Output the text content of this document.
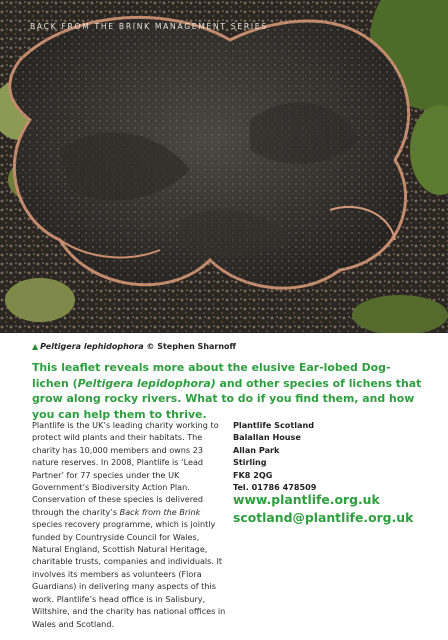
BACK FROM THE BRINK MANAGEMENT SERIES
▲ Peltigera lephidophora © Stephen Sharnoff
This leaflet reveals more about the elusive Ear-lobed Dog-lichen (Peltigera lepidophora) and other species of lichens that grow along rocky rivers. What to do if you find them, and how you can help them to thrive.
Plantlife is the UK’s leading charity working to protect wild plants and their habitats. The charity has 10,000 members and owns 23 nature reserves. In 2008, Plantlife is ‘Lead Partner’ for 77 species under the UK Government’s Biodiversity Action Plan. Conservation of these species is delivered through the charity’s Back from the Brink species recovery programme, which is jointly funded by Countryside Council for Wales, Natural England, Scottish Natural Heritage, charitable trusts, companies and individuals. It involves its members as volunteers (Flora Guardians) in delivering many aspects of this work. Plantlife’s head office is in Salisbury, Wiltshire, and the charity has national offices in Wales and Scotland.
Plantlife Scotland
Balallan House
Allan Park
Stirling
FK8 2QG
Tel. 01786 478509
www.plantlife.org.uk
scotland@plantlife.org.uk
